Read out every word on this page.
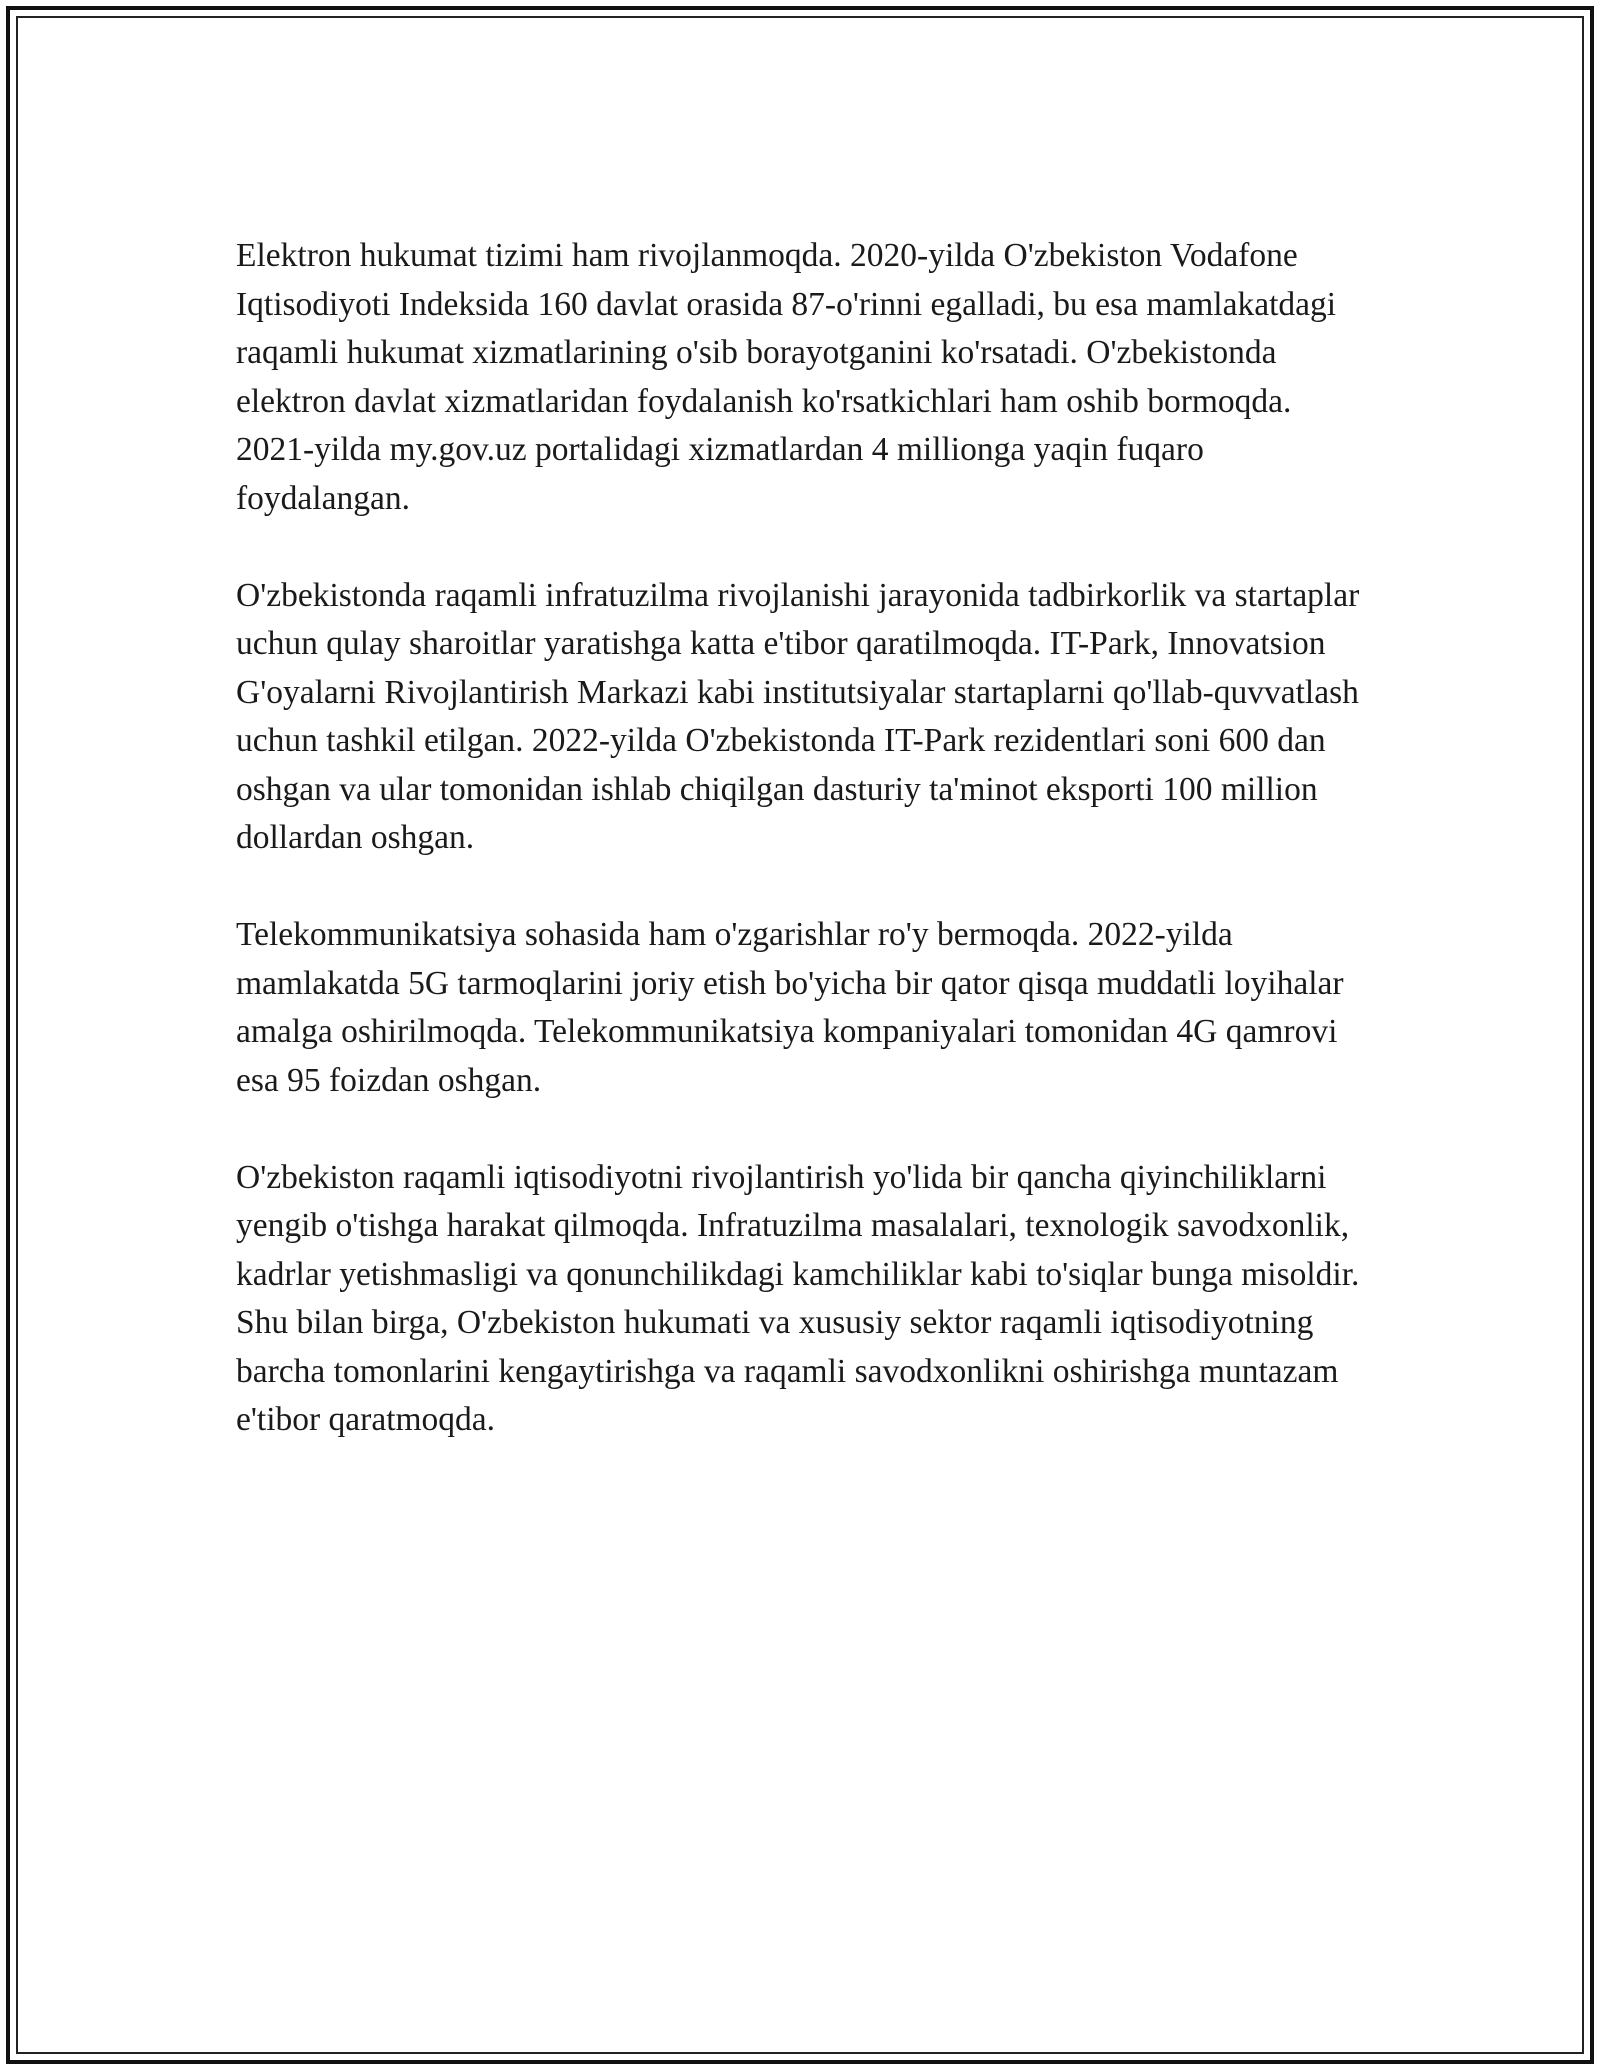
Elektron hukumat tizimi ham rivojlanmoqda. 2020-yilda O'zbekiston Vodafone Iqtisodiyoti Indeksida 160 davlat orasida 87-o'rinni egalladi, bu esa mamlakatdagi raqamli hukumat xizmatlarining o'sib borayotganini ko'rsatadi. O'zbekistonda elektron davlat xizmatlaridan foydalanish ko'rsatkichlari ham oshib bormoqda. 2021-yilda my.gov.uz portalidagi xizmatlardan 4 millionga yaqin fuqaro foydalangan.

O'zbekistonda raqamli infratuzilma rivojlanishi jarayonida tadbirkorlik va startaplar uchun qulay sharoitlar yaratishga katta e'tibor qaratilmoqda. IT-Park, Innovatsion G'oyalarni Rivojlantirish Markazi kabi institutsiyalar startaplarni qo'llab-quvvatlash uchun tashkil etilgan. 2022-yilda O'zbekistonda IT-Park rezidentlari soni 600 dan oshgan va ular tomonidan ishlab chiqilgan dasturiy ta'minot eksporti 100 million dollardan oshgan.

Telekommunikatsiya sohasida ham o'zgarishlar ro'y bermoqda. 2022-yilda mamlakatda 5G tarmoqlarini joriy etish bo'yicha bir qator qisqa muddatli loyihalar amalga oshirilmoqda. Telekommunikatsiya kompaniyalari tomonidan 4G qamrovi esa 95 foizdan oshgan.

O'zbekiston raqamli iqtisodiyotni rivojlantirish yo'lida bir qancha qiyinchiliklarni yengib o'tishga harakat qilmoqda. Infratuzilma masalalari, texnologik savodxonlik, kadrlar yetishmasligi va qonunchilikdagi kamchiliklar kabi to'siqlar bunga misoldir. Shu bilan birga, O'zbekiston hukumati va xususiy sektor raqamli iqtisodiyotning barcha tomonlarini kengaytirishga va raqamli savodxonlikni oshirishga muntazam e'tibor qaratmoqda.
